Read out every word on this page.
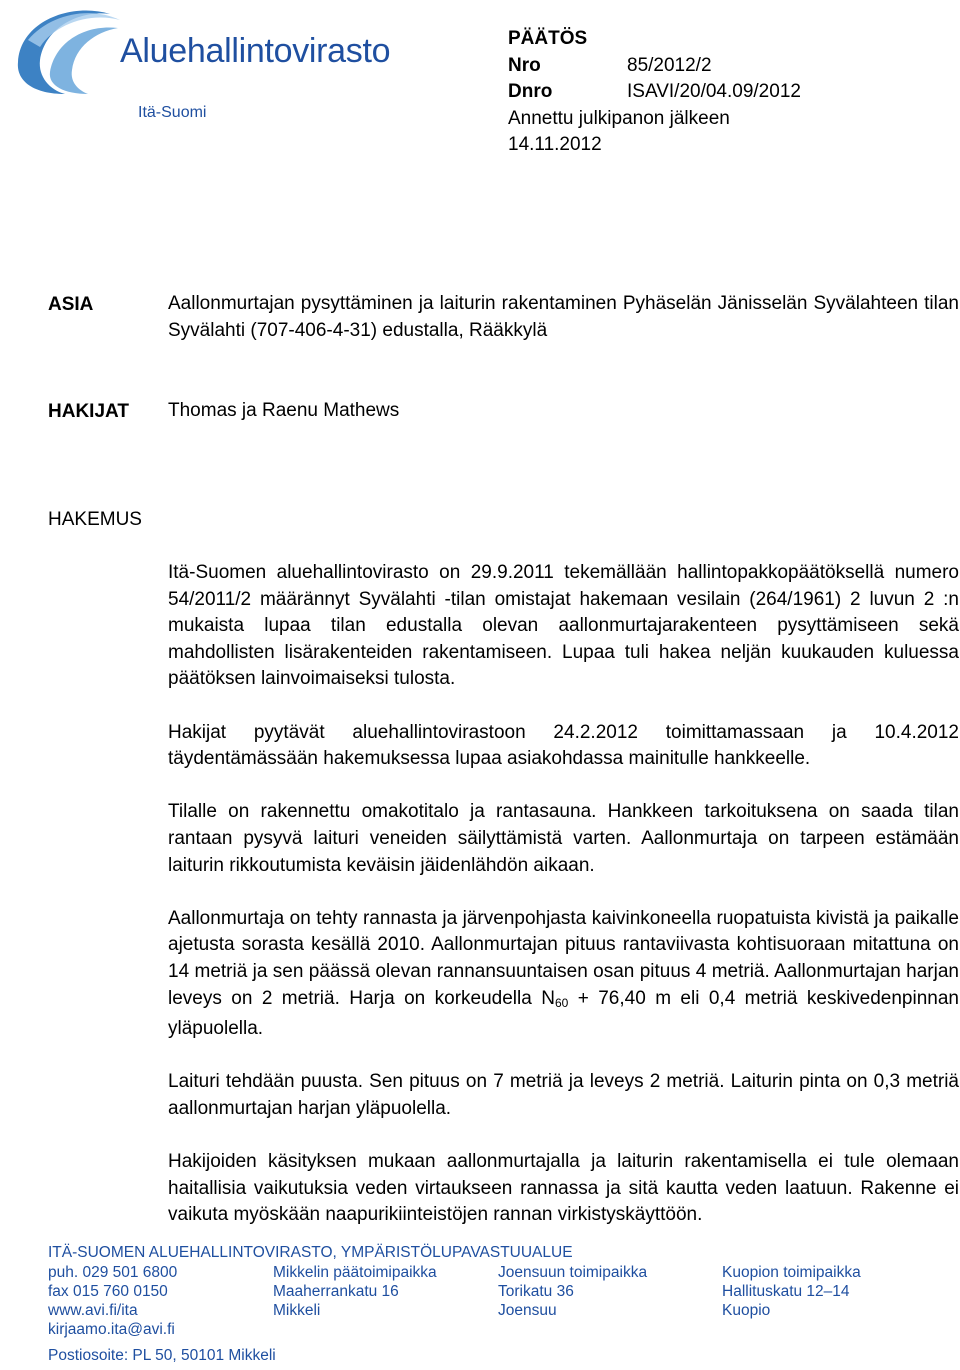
Aluehallintovirasto
Itä-Suomi
PÄÄTÖS
Nro	85/2012/2
Dnro	ISAVI/20/04.09/2012
Annettu julkipanon jälkeen
14.11.2012
ASIA	Aallonmurtajan pysyttäminen ja laiturin rakentaminen Pyhäselän Jänisselän Syvälahteen tilan Syvälahti (707-406-4-31) edustalla, Rääkkylä
HAKIJAT Thomas ja Raenu Mathews
HAKEMUS

Itä-Suomen aluehallintovirasto on 29.9.2011 tekemällään hallintopakkopäätöksellä numero 54/2011/2 määrännyt Syvälahti -tilan omistajat hakemaan vesilain (264/1961) 2 luvun 2 :n mukaista lupaa tilan edustalla olevan aallonmurtajarakenteen pysyttämiseen sekä mahdollisten lisärakenteiden rakentamiseen. Lupaa tuli hakea neljän kuukauden kuluessa päätöksen lainvoimaiseksi tulosta.

Hakijat pyytävät aluehallintovirastoon 24.2.2012 toimittamassaan ja 10.4.2012 täydentämässään hakemuksessa lupaa asiakohdassa mainitulle hankkeelle.

Tilalle on rakennettu omakotitalo ja rantasauna. Hankkeen tarkoituksena on saada tilan rantaan pysyvä laituri veneiden säilyttämistä varten. Aallonmurtaja on tarpeen estämään laiturin rikkoutumista keväisin jäidenlähdön aikaan.

Aallonmurtaja on tehty rannasta ja järvenpohjasta kaivinkoneella ruopatuista kivistä ja paikalle ajetusta sorasta kesällä 2010. Aallonmurtajan pituus rantaviivasta kohtisuoraan mitattuna on 14 metriä ja sen päässä olevan rannansuuntaisen osan pituus 4 metriä. Aallonmurtajan harjan leveys on 2 metriä. Harja on korkeudella $N_{60} + 76,40$ m eli 0,4 metriä keskivedenpinnan yläpuolella.

Laituri tehdään puusta. Sen pituus on 7 metriä ja leveys 2 metriä. Laiturin pinta on 0,3 metriä aallonmurtajan harjan yläpuolella.

Hakijoiden käsityksen mukaan aallonmurtajalla ja laiturin rakentamisella ei tule olemaan haitallisia vaikutuksia veden virtaukseen rannassa ja sitä kautta veden laatuun. Rakenne ei vaikuta myöskään naapurikiinteistöjen rannan virkistyskäyttöön.

ITÄ-SUOMEN ALUEHALLINTOVIRASTO, YMPÄRISTÖLUPAVASTUUALUE
puh. 029 501 6800
fax 015 760 0150
www.avi.fi/ita
kirjaamo.ita@avi.fi
Mikkelin päätoimipaikka
Maaherrankatu 16
Mikkeli
Joensuun toimipaikka
Torikatu 36
Joensuu
Kuopion toimipaikka
Hallituskatu 12–14
Kuopio
Postiosoite: PL 50, 50101 Mikkeli
